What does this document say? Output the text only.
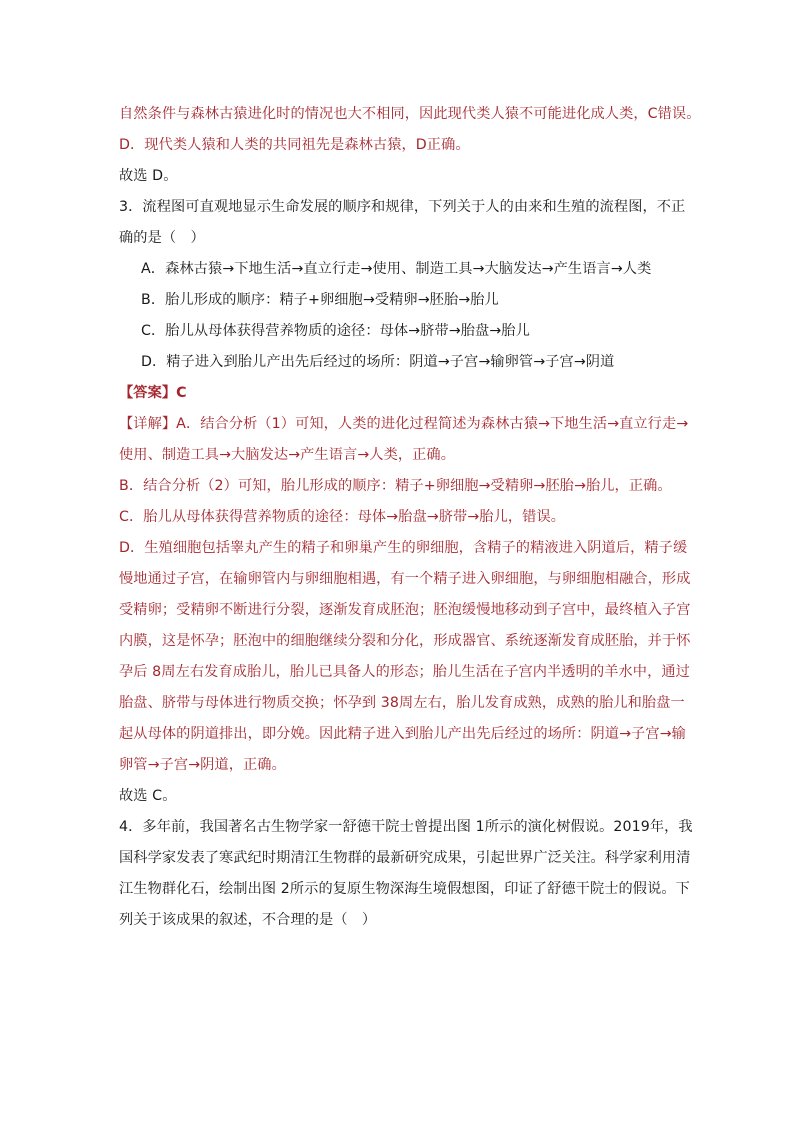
自然条件与森林古猿进化时的情况也大不相同，因此现代类人猿不可能进化成人类，C错误。
D．现代类人猿和人类的共同祖先是森林古猿，D正确。
故选 D。
3．流程图可直观地显示生命发展的顺序和规律，下列关于人的由来和生殖的流程图，不正
确的是（　）
A．森林古猿→下地生活→直立行走→使用、制造工具→大脑发达→产生语言→人类
B．胎儿形成的顺序：精子+卵细胞→受精卵→胚胎→胎儿
C．胎儿从母体获得营养物质的途径：母体→脐带→胎盘→胎儿
D．精子进入到胎儿产出先后经过的场所：阴道→子宫→输卵管→子宫→阴道
【答案】C
【详解】A．结合分析（1）可知，人类的进化过程简述为森林古猿→下地生活→直立行走→
使用、制造工具→大脑发达→产生语言→人类，正确。
B．结合分析（2）可知，胎儿形成的顺序：精子+卵细胞→受精卵→胚胎→胎儿，正确。
C．胎儿从母体获得营养物质的途径：母体→胎盘→脐带→胎儿，错误。
D．生殖细胞包括睾丸产生的精子和卵巢产生的卵细胞，含精子的精液进入阴道后，精子缓
慢地通过子宫，在输卵管内与卵细胞相遇，有一个精子进入卵细胞，与卵细胞相融合，形成
受精卵；受精卵不断进行分裂，逐渐发育成胚泡；胚泡缓慢地移动到子宫中，最终植入子宫
内膜，这是怀孕；胚泡中的细胞继续分裂和分化，形成器官、系统逐渐发育成胚胎，并于怀
孕后 8周左右发育成胎儿，胎儿已具备人的形态；胎儿生活在子宫内半透明的羊水中，通过
胎盘、脐带与母体进行物质交换；怀孕到 38周左右，胎儿发育成熟，成熟的胎儿和胎盘一
起从母体的阴道排出，即分娩。因此精子进入到胎儿产出先后经过的场所：阴道→子宫→输
卵管→子宫→阴道，正确。
故选 C。
4．多年前，我国著名古生物学家一舒德干院士曾提出图 1所示的演化树假说。2019年，我
国科学家发表了寒武纪时期清江生物群的最新研究成果，引起世界广泛关注。科学家利用清
江生物群化石，绘制出图 2所示的复原生物深海生境假想图，印证了舒德干院士的假说。下
列关于该成果的叙述，不合理的是（　）
